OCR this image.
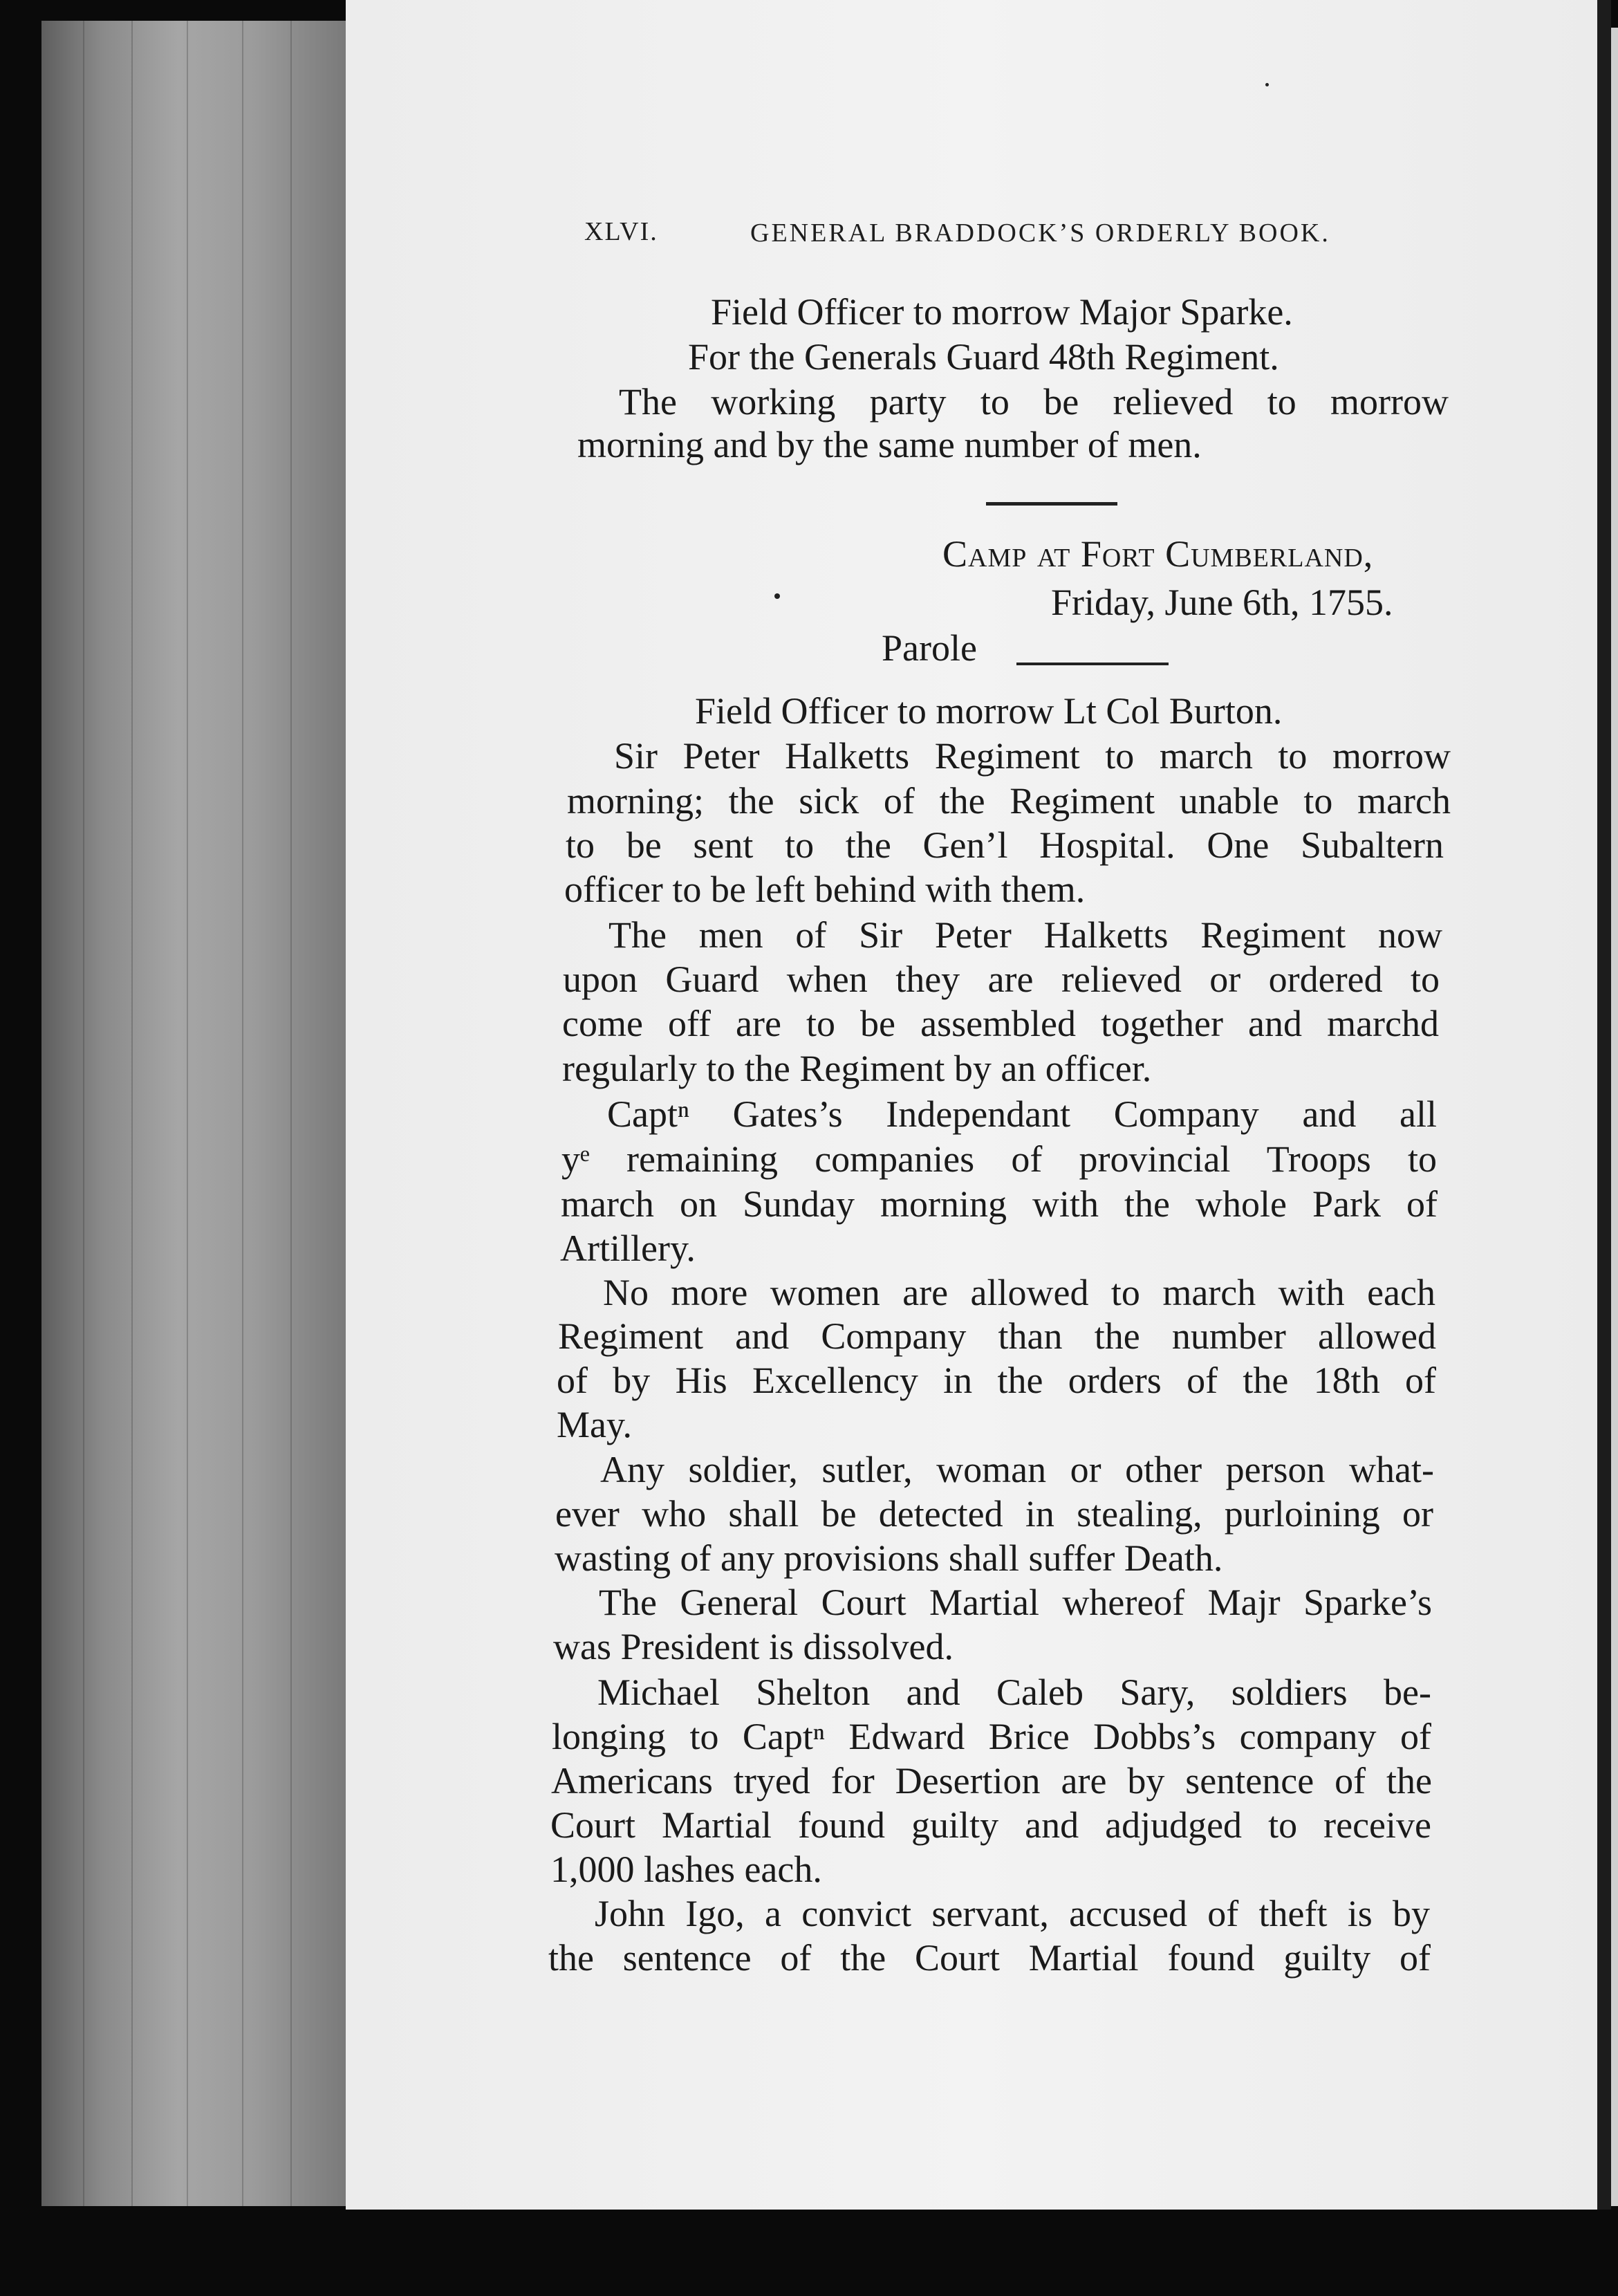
XLVI.	GENERAL BRADDOCK’S ORDERLY BOOK.
Field Officer to morrow Major Sparke.
For the Generals Guard 48th Regiment.
The working party to be relieved to morrow
morning and by the same number of men.
Camp at Fort Cumberland,
Friday, June 6th, 1755.
Parole
Field Officer to morrow Lt Col Burton.
Sir Peter Halketts Regiment to march to morrow
morning; the sick of the Regiment unable to march
to be sent to the Gen’l Hospital. One Subaltern
officer to be left behind with them.
The men of Sir Peter Halketts Regiment now
upon Guard when they are relieved or ordered to
come off are to be assembled together and marchd
regularly to the Regiment by an officer.
Captⁿ Gates’s Independant Company and all
yᵉ remaining companies of provincial Troops to
march on Sunday morning with the whole Park of
Artillery.
No more women are allowed to march with each
Regiment and Company than the number allowed
of by His Excellency in the orders of the 18th of
May.
Any soldier, sutler, woman or other person what-
ever who shall be detected in stealing, purloining or
wasting of any provisions shall suffer Death.
The General Court Martial whereof Majr Sparke’s
was President is dissolved.
Michael Shelton and Caleb Sary, soldiers be-
longing to Captⁿ Edward Brice Dobbs’s company of
Americans tryed for Desertion are by sentence of the
Court Martial found guilty and adjudged to receive
1,000 lashes each.
John Igo, a convict servant, accused of theft is by
the sentence of the Court Martial found guilty of
